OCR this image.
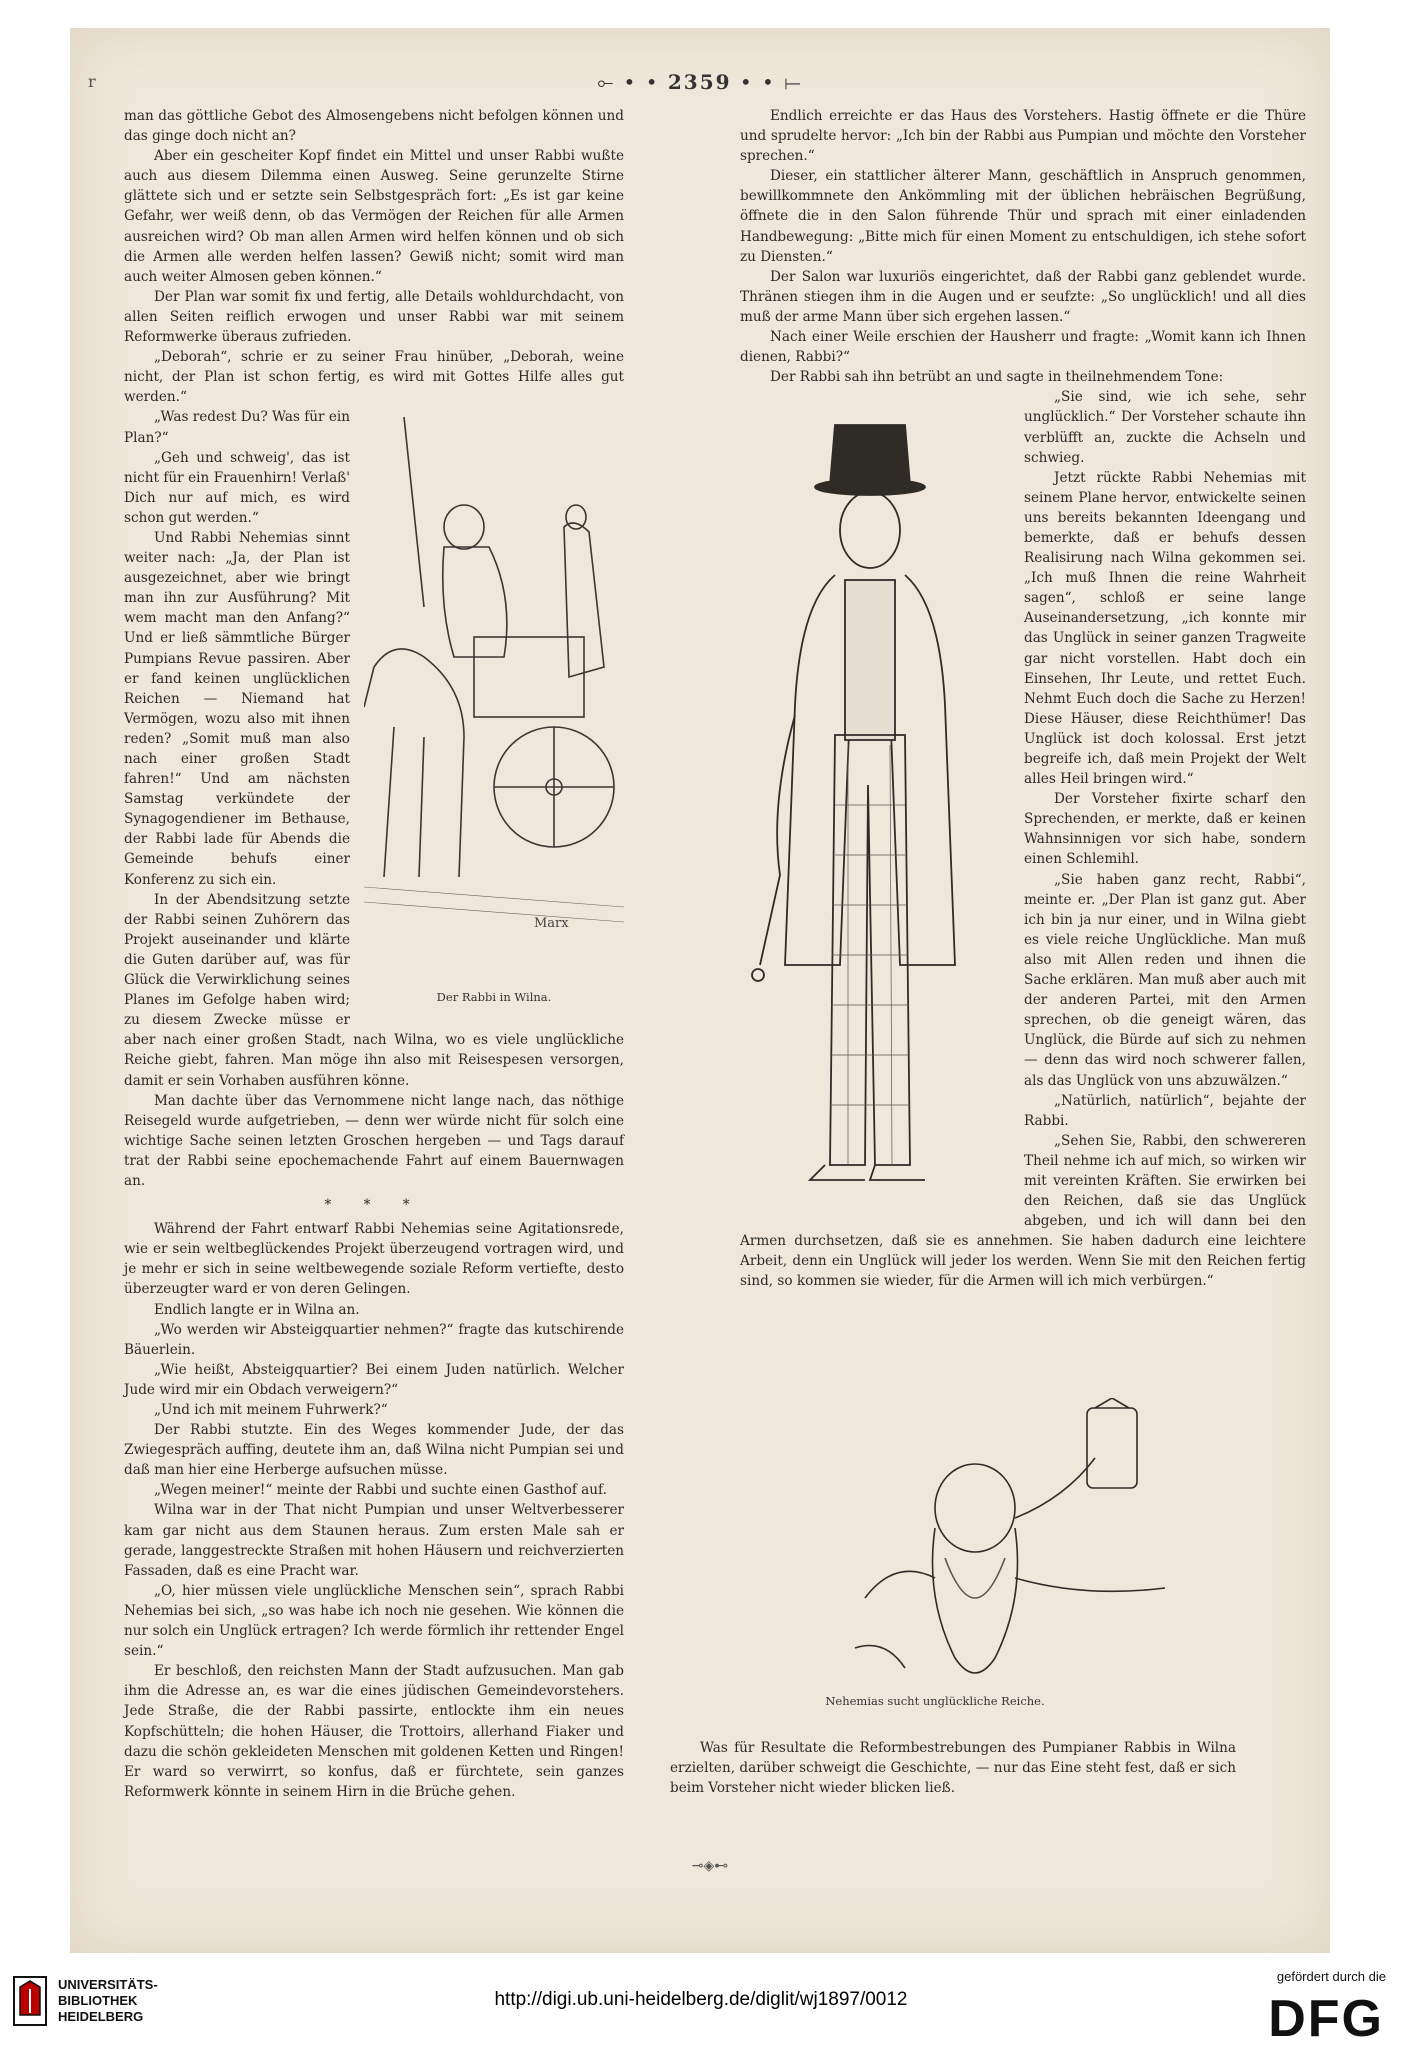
⟜ • • 2359 • • ⟝
r

man das göttliche Gebot des Almosengebens nicht befolgen können und das ginge doch nicht an?

Aber ein gescheiter Kopf findet ein Mittel und unser Rabbi wußte auch aus diesem Dilemma einen Ausweg. Seine gerunzelte Stirne glättete sich und er setzte sein Selbstgespräch fort: „Es ist gar keine Gefahr, wer weiß denn, ob das Vermögen der Reichen für alle Armen ausreichen wird? Ob man allen Armen wird helfen können und ob sich die Armen alle werden helfen lassen? Gewiß nicht; somit wird man auch weiter Almosen geben können.“

Der Plan war somit fix und fertig, alle Details wohldurchdacht, von allen Seiten reiflich erwogen und unser Rabbi war mit seinem Reformwerke überaus zufrieden.

„Deborah“, schrie er zu seiner Frau hinüber, „Deborah, weine nicht, der Plan ist schon fertig, es wird mit Gottes Hilfe alles gut werden.“

Marx
Der Rabbi in Wilna.

„Was redest Du? Was für ein Plan?“

„Geh und schweig', das ist nicht für ein Frauenhirn! Verlaß' Dich nur auf mich, es wird schon gut werden.“

Und Rabbi Nehemias sinnt weiter nach: „Ja, der Plan ist ausgezeichnet, aber wie bringt man ihn zur Ausführung? Mit wem macht man den Anfang?“ Und er ließ sämmtliche Bürger Pumpians Revue passiren. Aber er fand keinen unglücklichen Reichen — Niemand hat Vermögen, wozu also mit ihnen reden? „Somit muß man also nach einer großen Stadt fahren!“ Und am nächsten Samstag verkündete der Synagogendiener im Bethause, der Rabbi lade für Abends die Gemeinde behufs einer Konferenz zu sich ein.

In der Abendsitzung setzte der Rabbi seinen Zuhörern das Projekt auseinander und klärte die Guten darüber auf, was für Glück die Verwirklichung seines Planes im Gefolge haben wird; zu diesem Zwecke müsse er aber nach einer großen Stadt, nach Wilna, wo es viele unglückliche Reiche giebt, fahren. Man möge ihn also mit Reisespesen versorgen, damit er sein Vorhaben ausführen könne.

Man dachte über das Vernommene nicht lange nach, das nöthige Reisegeld wurde aufgetrieben, — denn wer würde nicht für solch eine wichtige Sache seinen letzten Groschen hergeben — und Tags darauf trat der Rabbi seine epochemachende Fahrt auf einem Bauernwagen an.

* * *

Während der Fahrt entwarf Rabbi Nehemias seine Agitationsrede, wie er sein weltbeglückendes Projekt überzeugend vortragen wird, und je mehr er sich in seine weltbewegende soziale Reform vertiefte, desto überzeugter ward er von deren Gelingen.

Endlich langte er in Wilna an.

„Wo werden wir Absteigquartier nehmen?“ fragte das kutschirende Bäuerlein.

„Wie heißt, Absteigquartier? Bei einem Juden natürlich. Welcher Jude wird mir ein Obdach verweigern?“

„Und ich mit meinem Fuhrwerk?“

Der Rabbi stutzte. Ein des Weges kommender Jude, der das Zwiegespräch auffing, deutete ihm an, daß Wilna nicht Pumpian sei und daß man hier eine Herberge aufsuchen müsse.

„Wegen meiner!“ meinte der Rabbi und suchte einen Gasthof auf.

Wilna war in der That nicht Pumpian und unser Weltverbesserer kam gar nicht aus dem Staunen heraus. Zum ersten Male sah er gerade, langgestreckte Straßen mit hohen Häusern und reichverzierten Fassaden, daß es eine Pracht war.

„O, hier müssen viele unglückliche Menschen sein“, sprach Rabbi Nehemias bei sich, „so was habe ich noch nie gesehen. Wie können die nur solch ein Unglück ertragen? Ich werde förmlich ihr rettender Engel sein.“

Er beschloß, den reichsten Mann der Stadt aufzusuchen. Man gab ihm die Adresse an, es war die eines jüdischen Gemeindevorstehers. Jede Straße, die der Rabbi passirte, entlockte ihm ein neues Kopfschütteln; die hohen Häuser, die Trottoirs, allerhand Fiaker und dazu die schön gekleideten Menschen mit goldenen Ketten und Ringen! Er ward so verwirrt, so konfus, daß er fürchtete, sein ganzes Reformwerk könnte in seinem Hirn in die Brüche gehen.

Endlich erreichte er das Haus des Vorstehers. Hastig öffnete er die Thüre und sprudelte hervor: „Ich bin der Rabbi aus Pumpian und möchte den Vorsteher sprechen.“

Dieser, ein stattlicher älterer Mann, geschäftlich in Anspruch genommen, bewillkommnete den Ankömmling mit der üblichen hebräischen Begrüßung, öffnete die in den Salon führende Thür und sprach mit einer einladenden Handbewegung: „Bitte mich für einen Moment zu entschuldigen, ich stehe sofort zu Diensten.“

Der Salon war luxuriös eingerichtet, daß der Rabbi ganz geblendet wurde. Thränen stiegen ihm in die Augen und er seufzte: „So unglücklich! und all dies muß der arme Mann über sich ergehen lassen.“

Nach einer Weile erschien der Hausherr und fragte: „Womit kann ich Ihnen dienen, Rabbi?“

Der Rabbi sah ihn betrübt an und sagte in theilnehmendem Tone:

„Sie sind, wie ich sehe, sehr unglücklich.“ Der Vorsteher schaute ihn verblüfft an, zuckte die Achseln und schwieg.

Jetzt rückte Rabbi Nehemias mit seinem Plane hervor, entwickelte seinen uns bereits bekannten Ideengang und bemerkte, daß er behufs dessen Realisirung nach Wilna gekommen sei. „Ich muß Ihnen die reine Wahrheit sagen“, schloß er seine lange Auseinandersetzung, „ich konnte mir das Unglück in seiner ganzen Tragweite gar nicht vorstellen. Habt doch ein Einsehen, Ihr Leute, und rettet Euch. Nehmt Euch doch die Sache zu Herzen! Diese Häuser, diese Reichthümer! Das Unglück ist doch kolossal. Erst jetzt begreife ich, daß mein Projekt der Welt alles Heil bringen wird.“

Der Vorsteher fixirte scharf den Sprechenden, er merkte, daß er keinen Wahnsinnigen vor sich habe, sondern einen Schlemihl.

„Sie haben ganz recht, Rabbi“, meinte er. „Der Plan ist ganz gut. Aber ich bin ja nur einer, und in Wilna giebt es viele reiche Unglückliche. Man muß also mit Allen reden und ihnen die Sache erklären. Man muß aber auch mit der anderen Partei, mit den Armen sprechen, ob die geneigt wären, das Unglück, die Bürde auf sich zu nehmen — denn das wird noch schwerer fallen, als das Unglück von uns abzuwälzen.“

„Natürlich, natürlich“, bejahte der Rabbi.

„Sehen Sie, Rabbi, den schwereren Theil nehme ich auf mich, so wirken wir mit vereinten Kräften. Sie erwirken bei den Reichen, daß sie das Unglück abgeben, und ich will dann bei den Armen durchsetzen, daß sie es annehmen. Sie haben dadurch eine leichtere Arbeit, denn ein Unglück will jeder los werden. Wenn Sie mit den Reichen fertig sind, so kommen sie wieder, für die Armen will ich mich verbürgen.“

Nehemias sucht unglückliche Reiche.

Was für Resultate die Reformbestrebungen des Pumpianer Rabbis in Wilna erzielten, darüber schweigt die Geschichte, — nur das Eine steht fest, daß er sich beim Vorsteher nicht wieder blicken ließ.

⊸◈⊷
UNIVERSITÄTS-
BIBLIOTHEK
HEIDELBERG
http://digi.ub.uni-heidelberg.de/diglit/wj1897/0012
gefördert durch die
DFG
